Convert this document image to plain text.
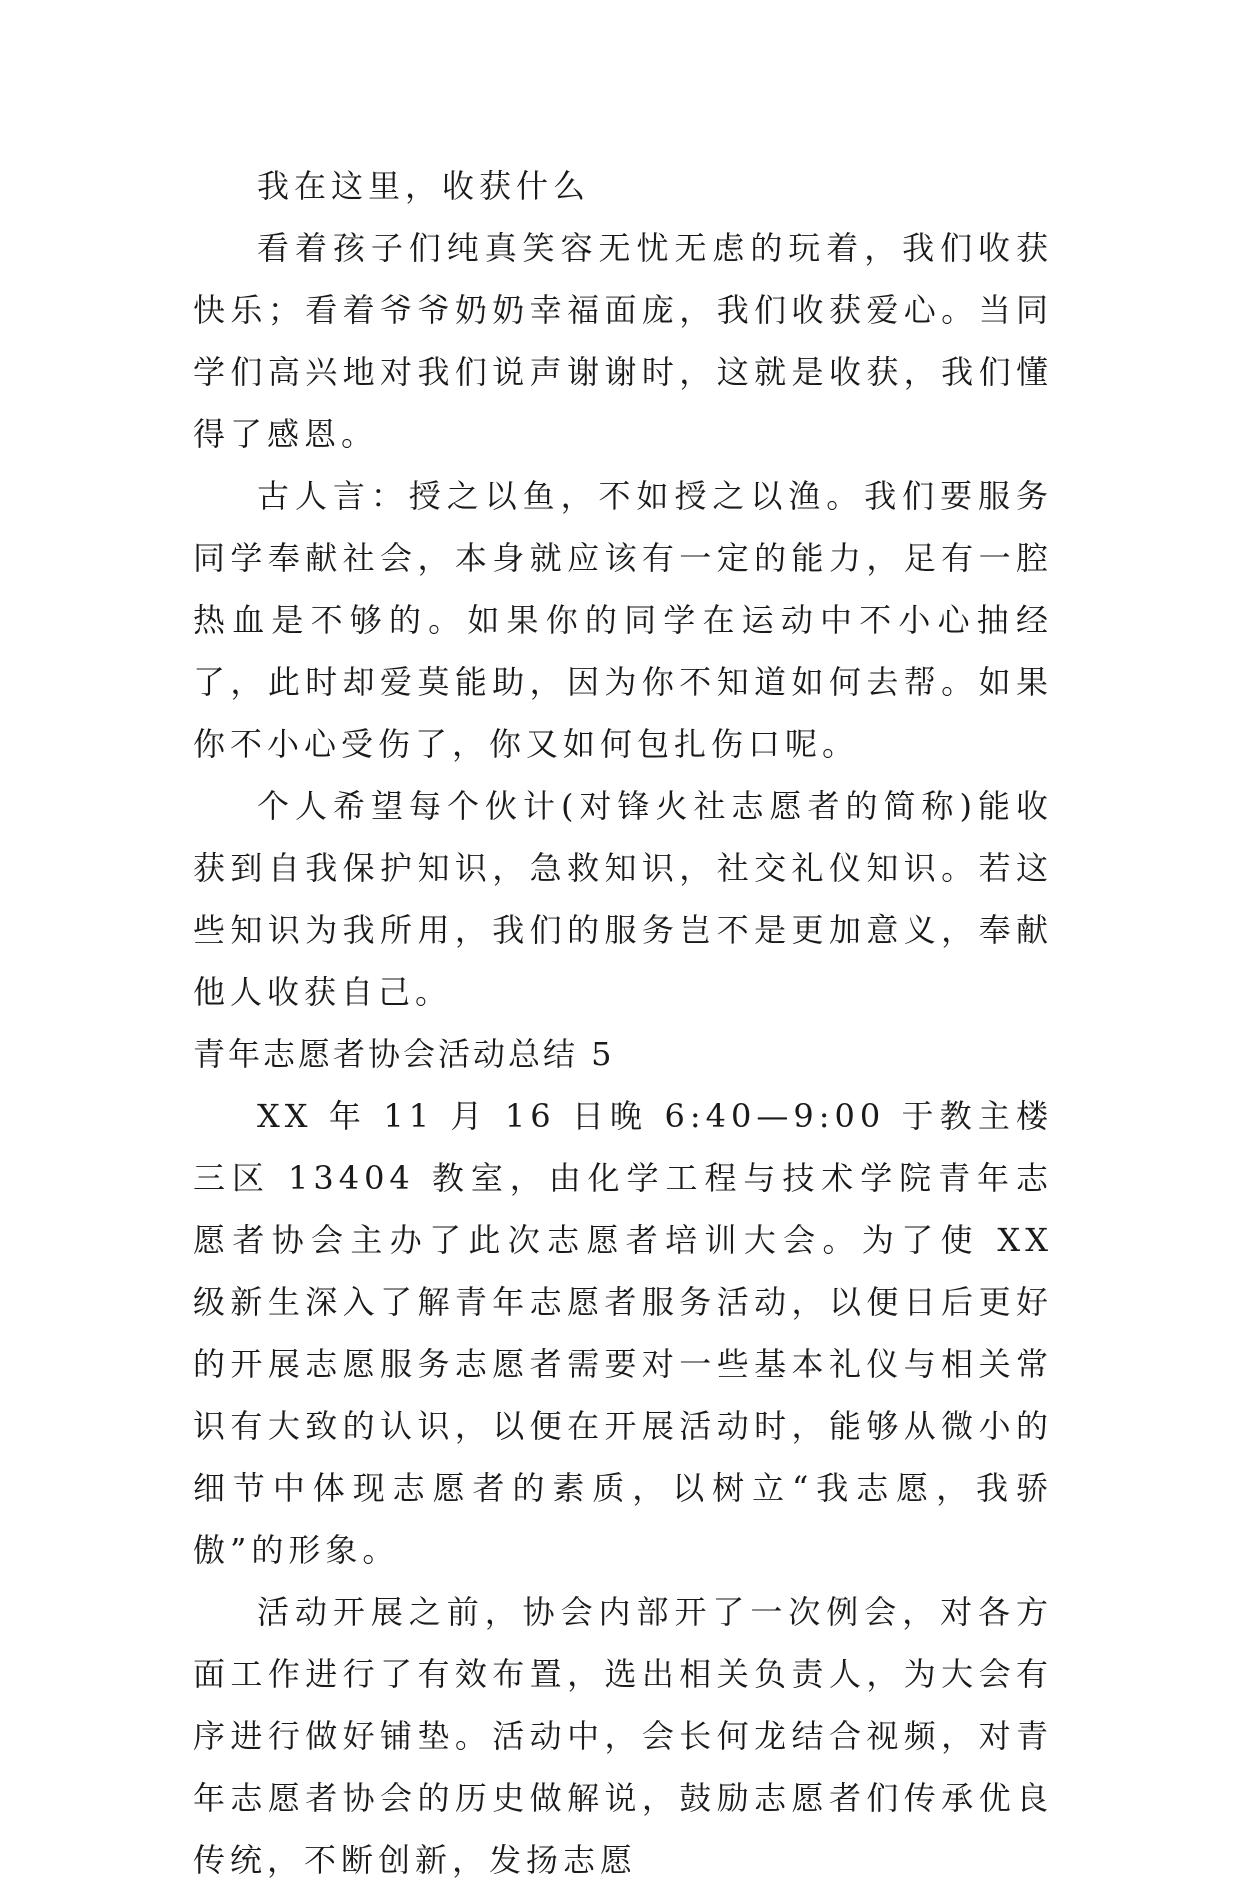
我在这里，收获什么

看着孩子们纯真笑容无忧无虑的玩着，我们收获快乐；看着爷爷奶奶幸福面庞，我们收获爱心。当同学们高兴地对我们说声谢谢时，这就是收获，我们懂得了感恩。

古人言：授之以鱼，不如授之以渔。我们要服务同学奉献社会，本身就应该有一定的能力，足有一腔热血是不够的。如果你的同学在运动中不小心抽经了，此时却爱莫能助，因为你不知道如何去帮。如果你不小心受伤了，你又如何包扎伤口呢。

个人希望每个伙计(对锋火社志愿者的简称)能收获到自我保护知识，急救知识，社交礼仪知识。若这些知识为我所用，我们的服务岂不是更加意义，奉献他人收获自己。

青年志愿者协会活动总结 5

XX 年 11 月 16 日晚 6:40—9:00 于教主楼三区 13404 教室，由化学工程与技术学院青年志愿者协会主办了此次志愿者培训大会。为了使 XX 级新生深入了解青年志愿者服务活动，以便日后更好的开展志愿服务志愿者需要对一些基本礼仪与相关常识有大致的认识，以便在开展活动时，能够从微小的细节中体现志愿者的素质，以树立“我志愿，我骄傲”的形象。

活动开展之前，协会内部开了一次例会，对各方面工作进行了有效布置，选出相关负责人，为大会有序进行做好铺垫。活动中，会长何龙结合视频，对青年志愿者协会的历史做解说，鼓励志愿者们传承优良传统，不断创新，发扬志愿
